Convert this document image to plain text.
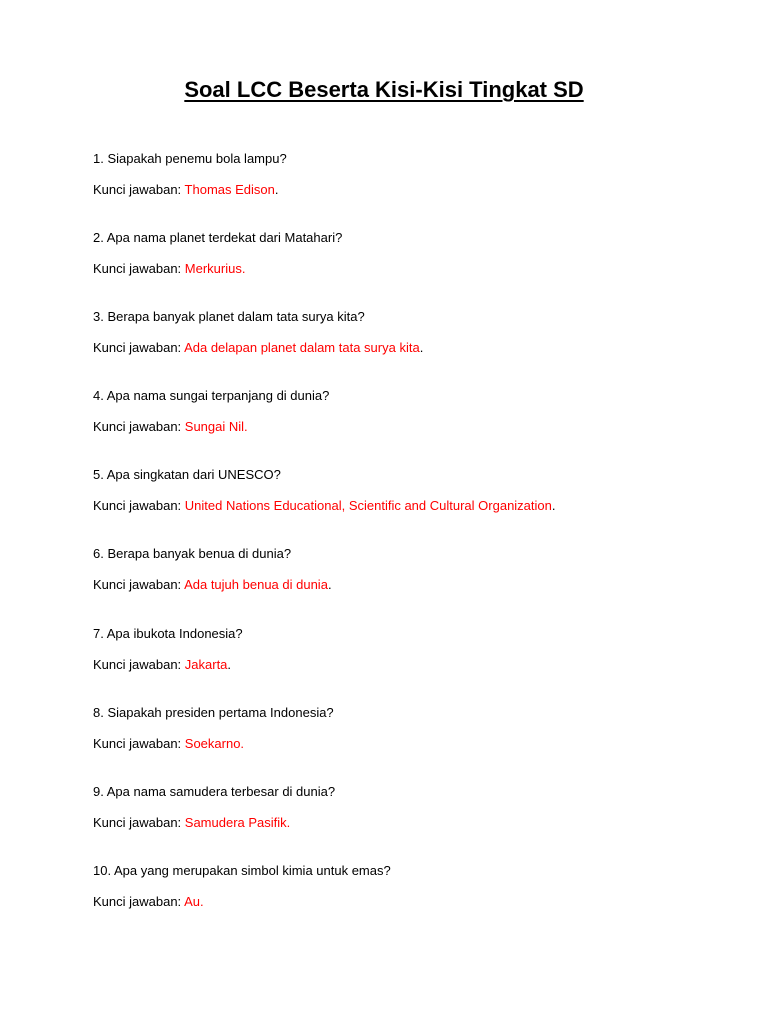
Soal LCC Beserta Kisi-Kisi Tingkat SD
1. Siapakah penemu bola lampu?
Kunci jawaban: Thomas Edison.
2. Apa nama planet terdekat dari Matahari?
Kunci jawaban: Merkurius.
3. Berapa banyak planet dalam tata surya kita?
Kunci jawaban: Ada delapan planet dalam tata surya kita.
4. Apa nama sungai terpanjang di dunia?
Kunci jawaban: Sungai Nil.
5. Apa singkatan dari UNESCO?
Kunci jawaban: United Nations Educational, Scientific and Cultural Organization.
6. Berapa banyak benua di dunia?
Kunci jawaban: Ada tujuh benua di dunia.
7. Apa ibukota Indonesia?
Kunci jawaban: Jakarta.
8. Siapakah presiden pertama Indonesia?
Kunci jawaban: Soekarno.
9. Apa nama samudera terbesar di dunia?
Kunci jawaban: Samudera Pasifik.
10. Apa yang merupakan simbol kimia untuk emas?
Kunci jawaban: Au.
